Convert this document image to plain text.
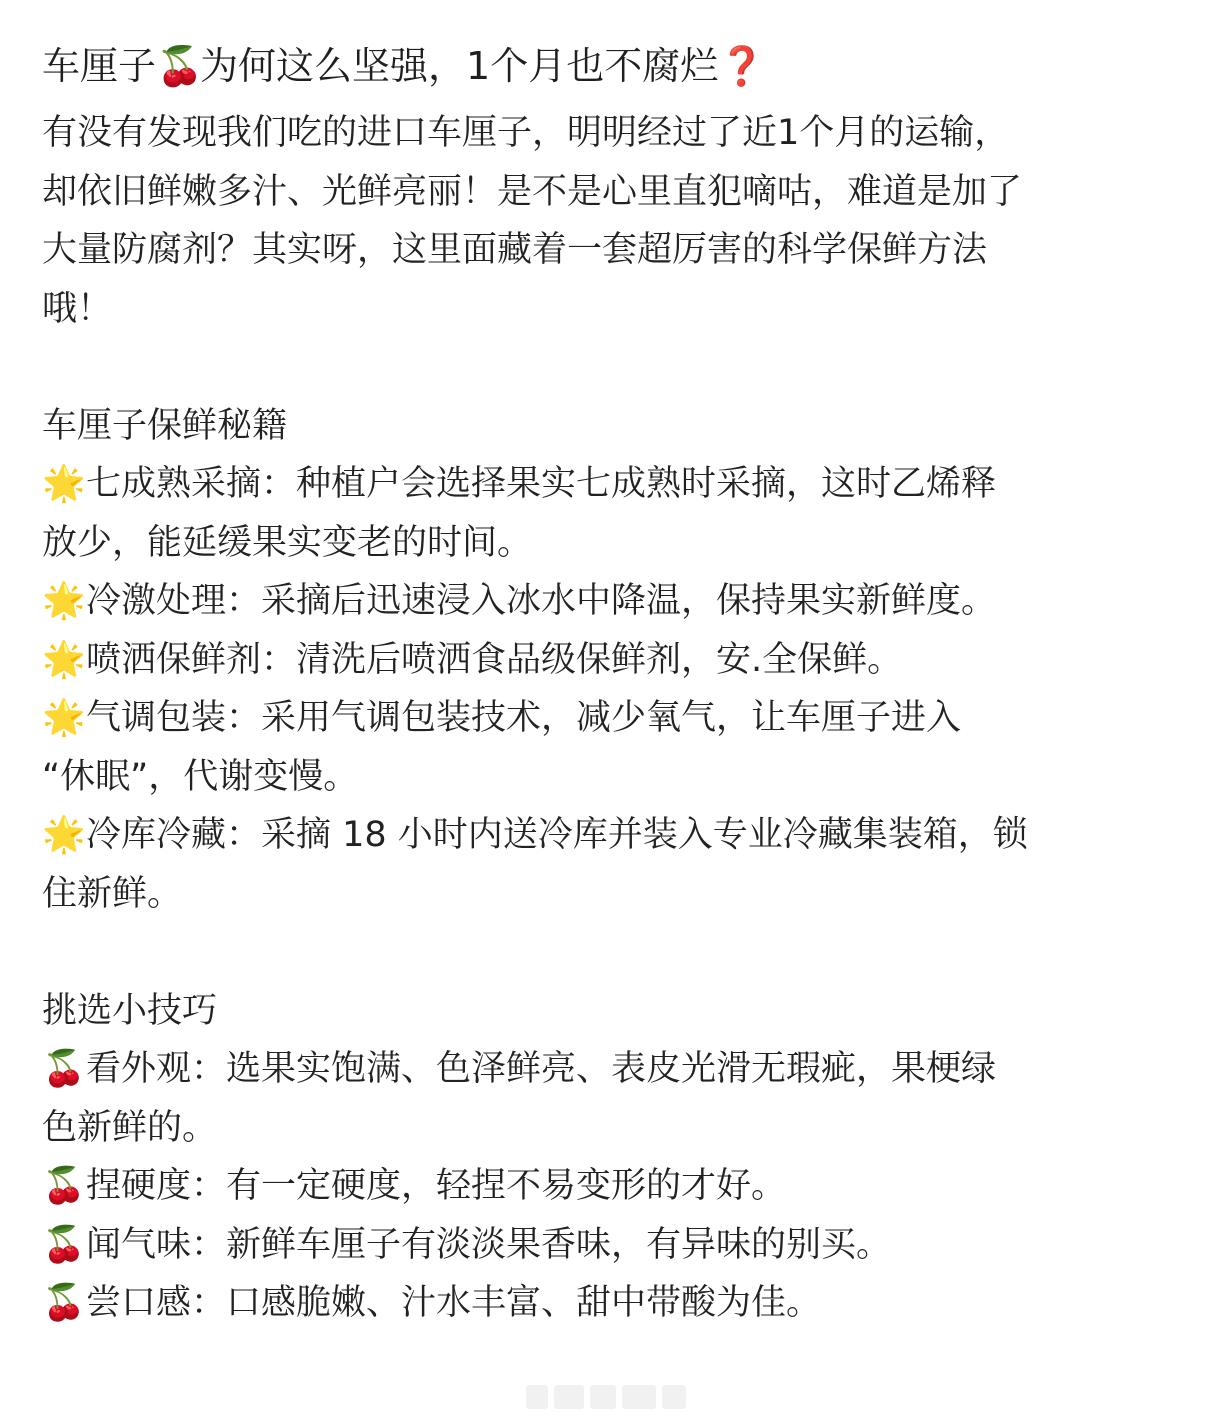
车厘子🍒为何这么坚强，1个月也不腐烂❓

有没有发现我们吃的进口车厘子，明明经过了近1个月的运输，

却依旧鲜嫩多汁、光鲜亮丽！是不是心里直犯嘀咕，难道是加了

大量防腐剂？其实呀，这里面藏着一套超厉害的科学保鲜方法

哦！

车厘子保鲜秘籍

🌟七成熟采摘：种植户会选择果实七成熟时采摘，这时乙烯释

放少，能延缓果实变老的时间。

🌟冷激处理：采摘后迅速浸入冰水中降温，保持果实新鲜度。

🌟喷洒保鲜剂：清洗后喷洒食品级保鲜剂，安.全保鲜。

🌟气调包装：采用气调包装技术，减少氧气，让车厘子进入

“休眠”，代谢变慢。

🌟冷库冷藏：采摘 18 小时内送冷库并装入专业冷藏集装箱，锁

住新鲜。

挑选小技巧

🍒看外观：选果实饱满、色泽鲜亮、表皮光滑无瑕疵，果梗绿

色新鲜的。

🍒捏硬度：有一定硬度，轻捏不易变形的才好。

🍒闻气味：新鲜车厘子有淡淡果香味，有异味的别买。

🍒尝口感：口感脆嫩、汁水丰富、甜中带酸为佳。
